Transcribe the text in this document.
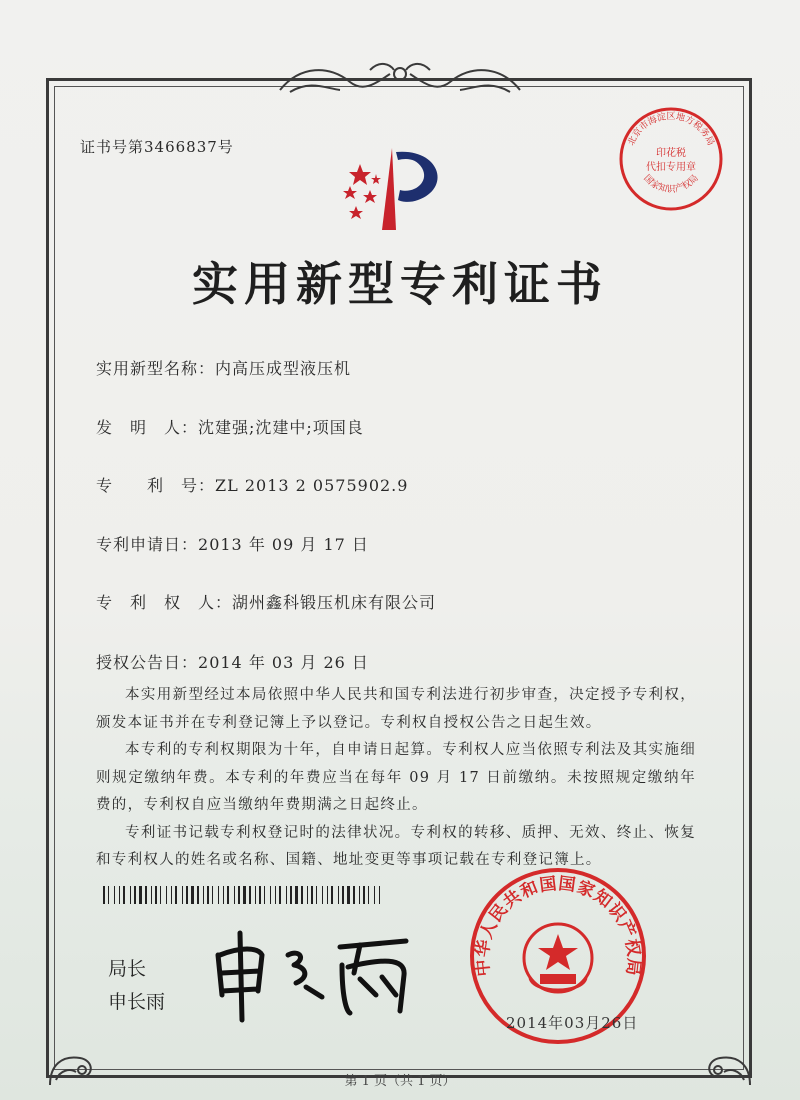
证书号第3466837号	北京市海淀区地方税务局
印花税
代扣专用章
国家知识产权局
实用新型专利证书
实用新型名称：内高压成型液压机
发　明　人：沈建强;沈建中;项国良
专　　利　号：ZL 2013 2 0575902.9
专利申请日：2013 年 09 月 17 日
专　利　权　人：湖州鑫科锻压机床有限公司
授权公告日：2014 年 03 月 26 日

本实用新型经过本局依照中华人民共和国专利法进行初步审查，决定授予专利权，颁发本证书并在专利登记簿上予以登记。专利权自授权公告之日起生效。

本专利的专利权期限为十年，自申请日起算。专利权人应当依照专利法及其实施细则规定缴纳年费。本专利的年费应当在每年 09 月 17 日前缴纳。未按照规定缴纳年费的，专利权自应当缴纳年费期满之日起终止。

专利证书记载专利权登记时的法律状况。专利权的转移、质押、无效、终止、恢复和专利权人的姓名或名称、国籍、地址变更等事项记载在专利登记簿上。

局长
申长雨
中华人民共和国国家知识产权局
2014年03月26日
第 1 页（共 1 页）
